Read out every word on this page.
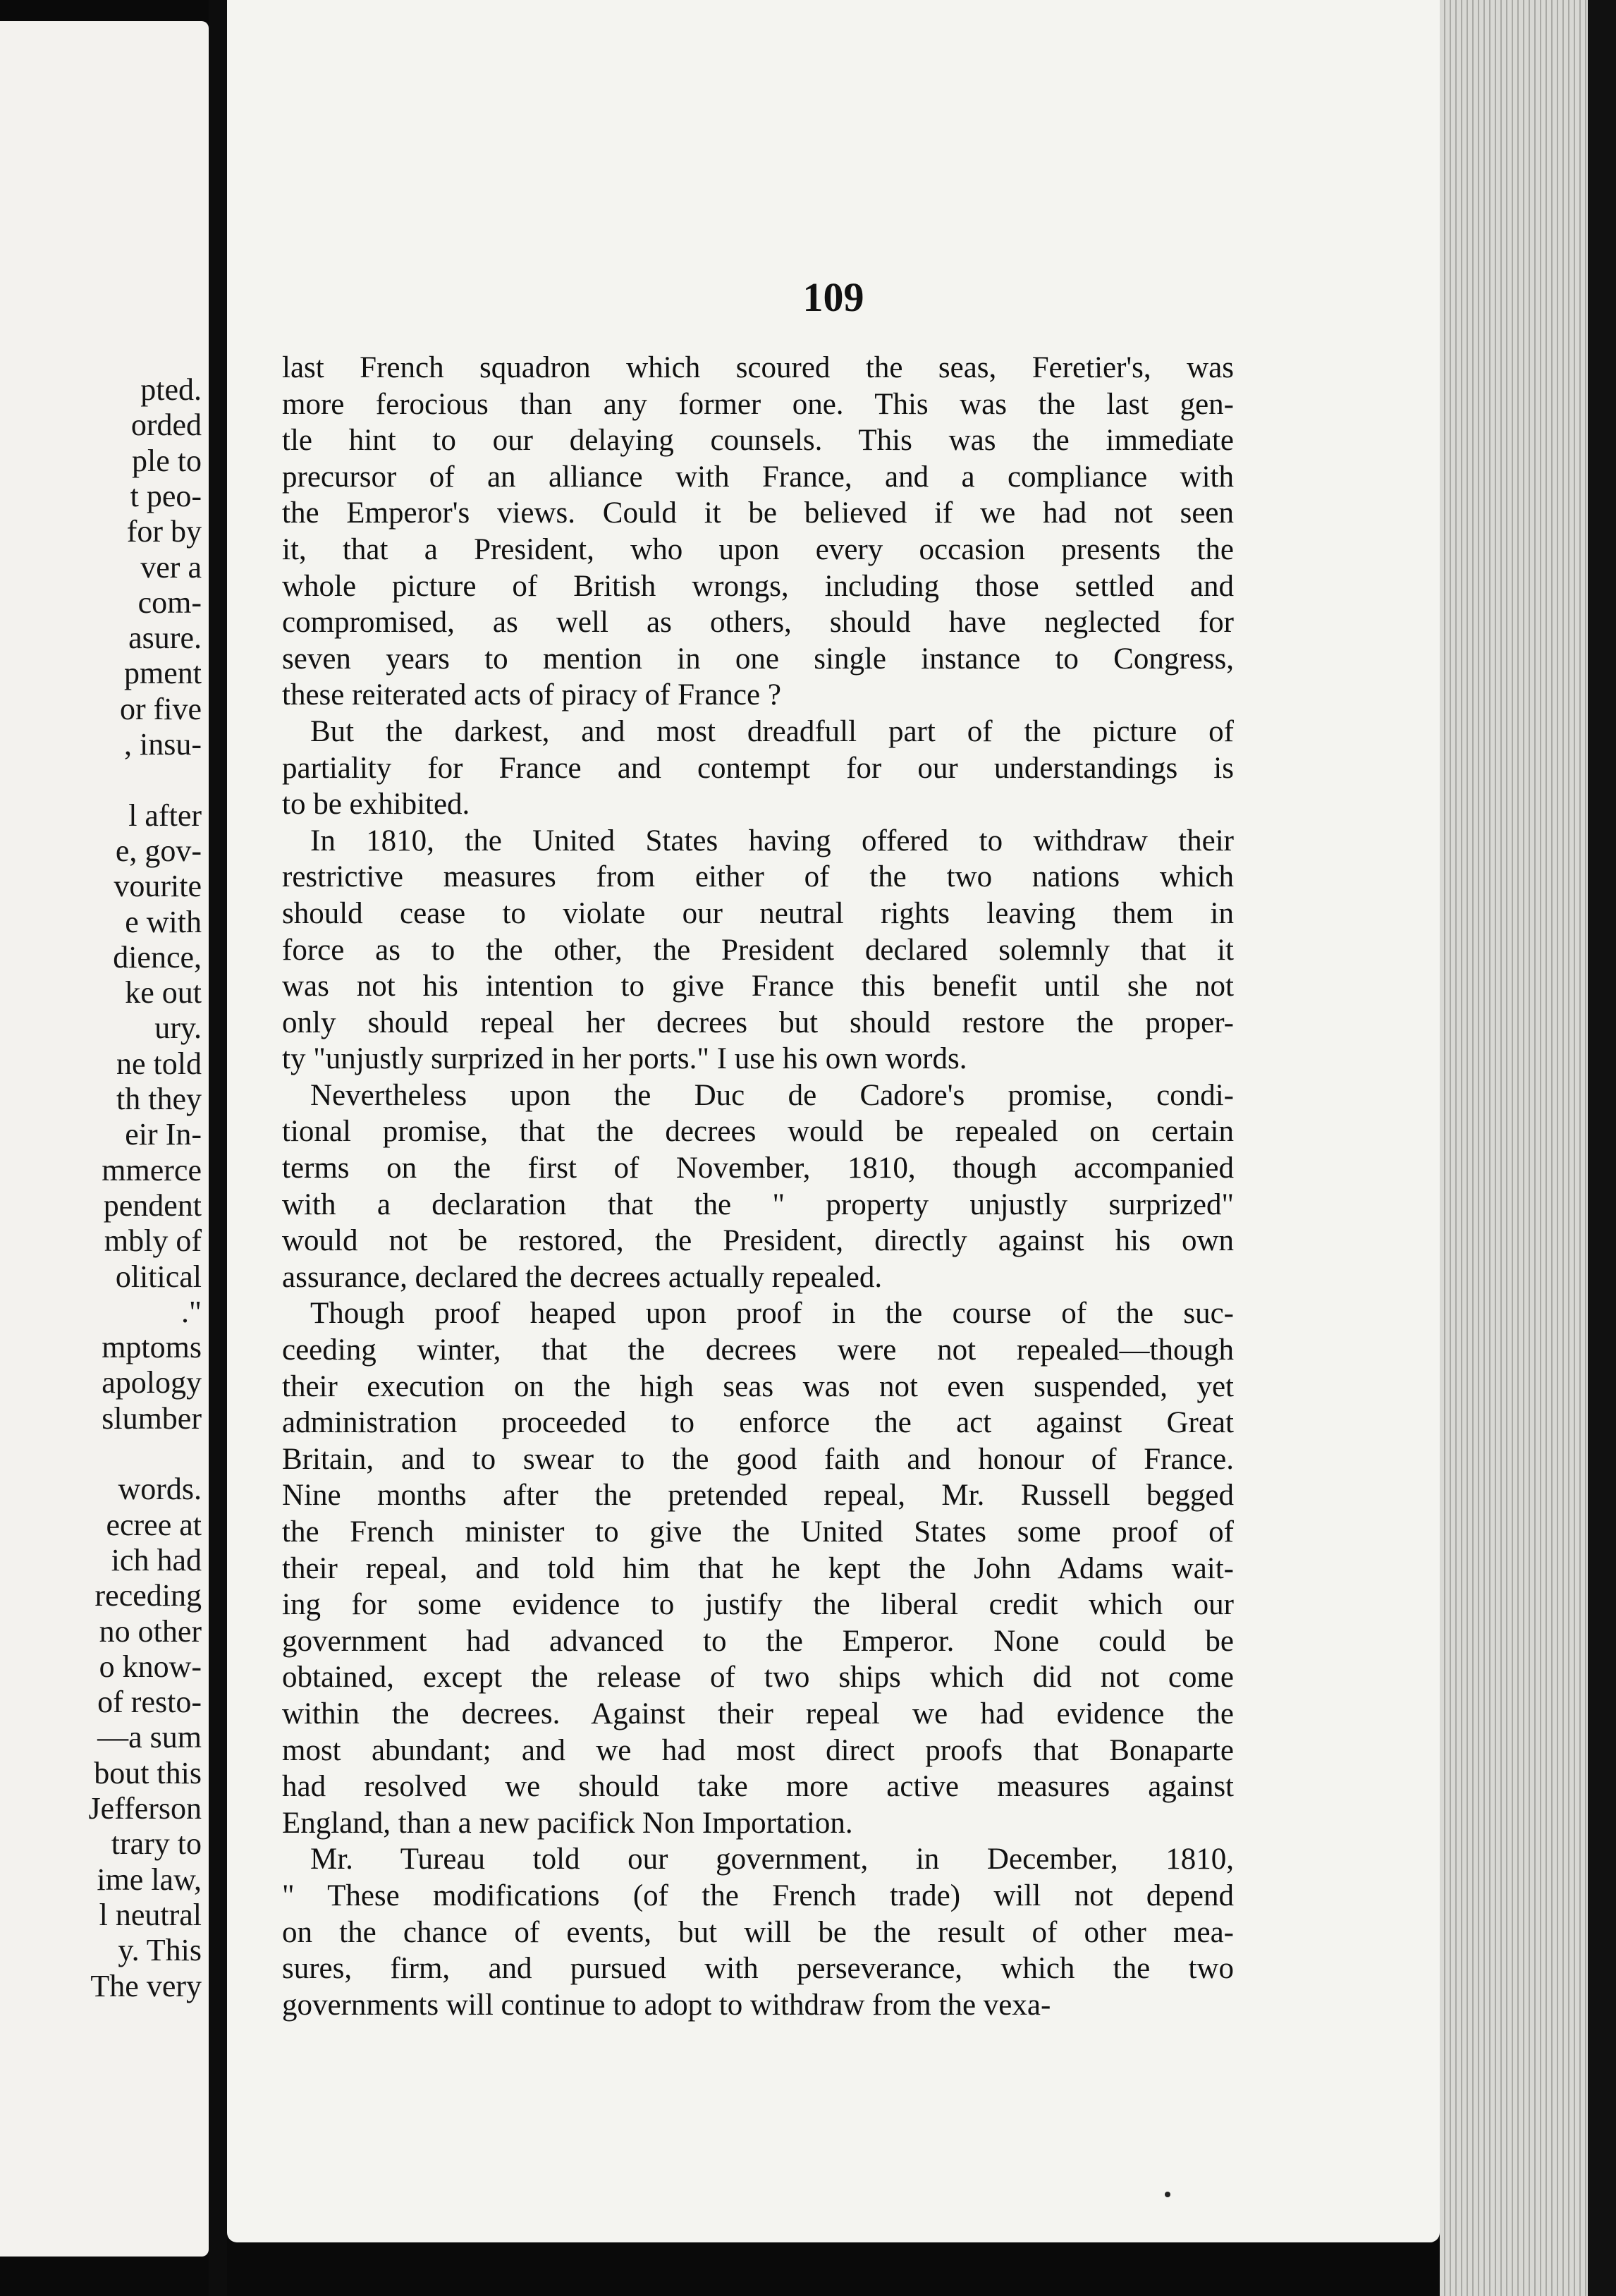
pted.
orded
ple to
t peo-
for by
ver a
com-
asure.
pment
or five
, insu-
l after
e, gov-
vourite
e with
dience,
ke out
ury.
ne told
th they
eir In-
mmerce
pendent
mbly of
olitical
."
mptoms
apology
slumber
words.
ecree at
ich had
receding
no other
o know-
of resto-
—a sum
bout this
Jefferson
trary to
ime law,
l neutral
y. This
The very
109
last French squadron which scoured the seas, Feretier's, was
more ferocious than any former one. This was the last gen-
tle hint to our delaying counsels. This was the immediate
precursor of an alliance with France, and a compliance with
the Emperor's views. Could it be believed if we had not seen
it, that a President, who upon every occasion presents the
whole picture of British wrongs, including those settled and
compromised, as well as others, should have neglected for
seven years to mention in one single instance to Congress,
these reiterated acts of piracy of France ?
But the darkest, and most dreadfull part of the picture of
partiality for France and contempt for our understandings is
to be exhibited.
In 1810, the United States having offered to withdraw their
restrictive measures from either of the two nations which
should cease to violate our neutral rights leaving them in
force as to the other, the President declared solemnly that it
was not his intention to give France this benefit until she not
only should repeal her decrees but should restore the proper-
ty "unjustly surprized in her ports." I use his own words.
Nevertheless upon the Duc de Cadore's promise, condi-
tional promise, that the decrees would be repealed on certain
terms on the first of November, 1810, though accompanied
with a declaration that the " property unjustly surprized"
would not be restored, the President, directly against his own
assurance, declared the decrees actually repealed.
Though proof heaped upon proof in the course of the suc-
ceeding winter, that the decrees were not repealed—though
their execution on the high seas was not even suspended, yet
administration proceeded to enforce the act against Great
Britain, and to swear to the good faith and honour of France.
Nine months after the pretended repeal, Mr. Russell begged
the French minister to give the United States some proof of
their repeal, and told him that he kept the John Adams wait-
ing for some evidence to justify the liberal credit which our
government had advanced to the Emperor. None could be
obtained, except the release of two ships which did not come
within the decrees. Against their repeal we had evidence the
most abundant; and we had most direct proofs that Bonaparte
had resolved we should take more active measures against
England, than a new pacifick Non Importation.
Mr. Tureau told our government, in December, 1810,
" These modifications (of the French trade) will not depend
on the chance of events, but will be the result of other mea-
sures, firm, and pursued with perseverance, which the two
governments will continue to adopt to withdraw from the vexa-
